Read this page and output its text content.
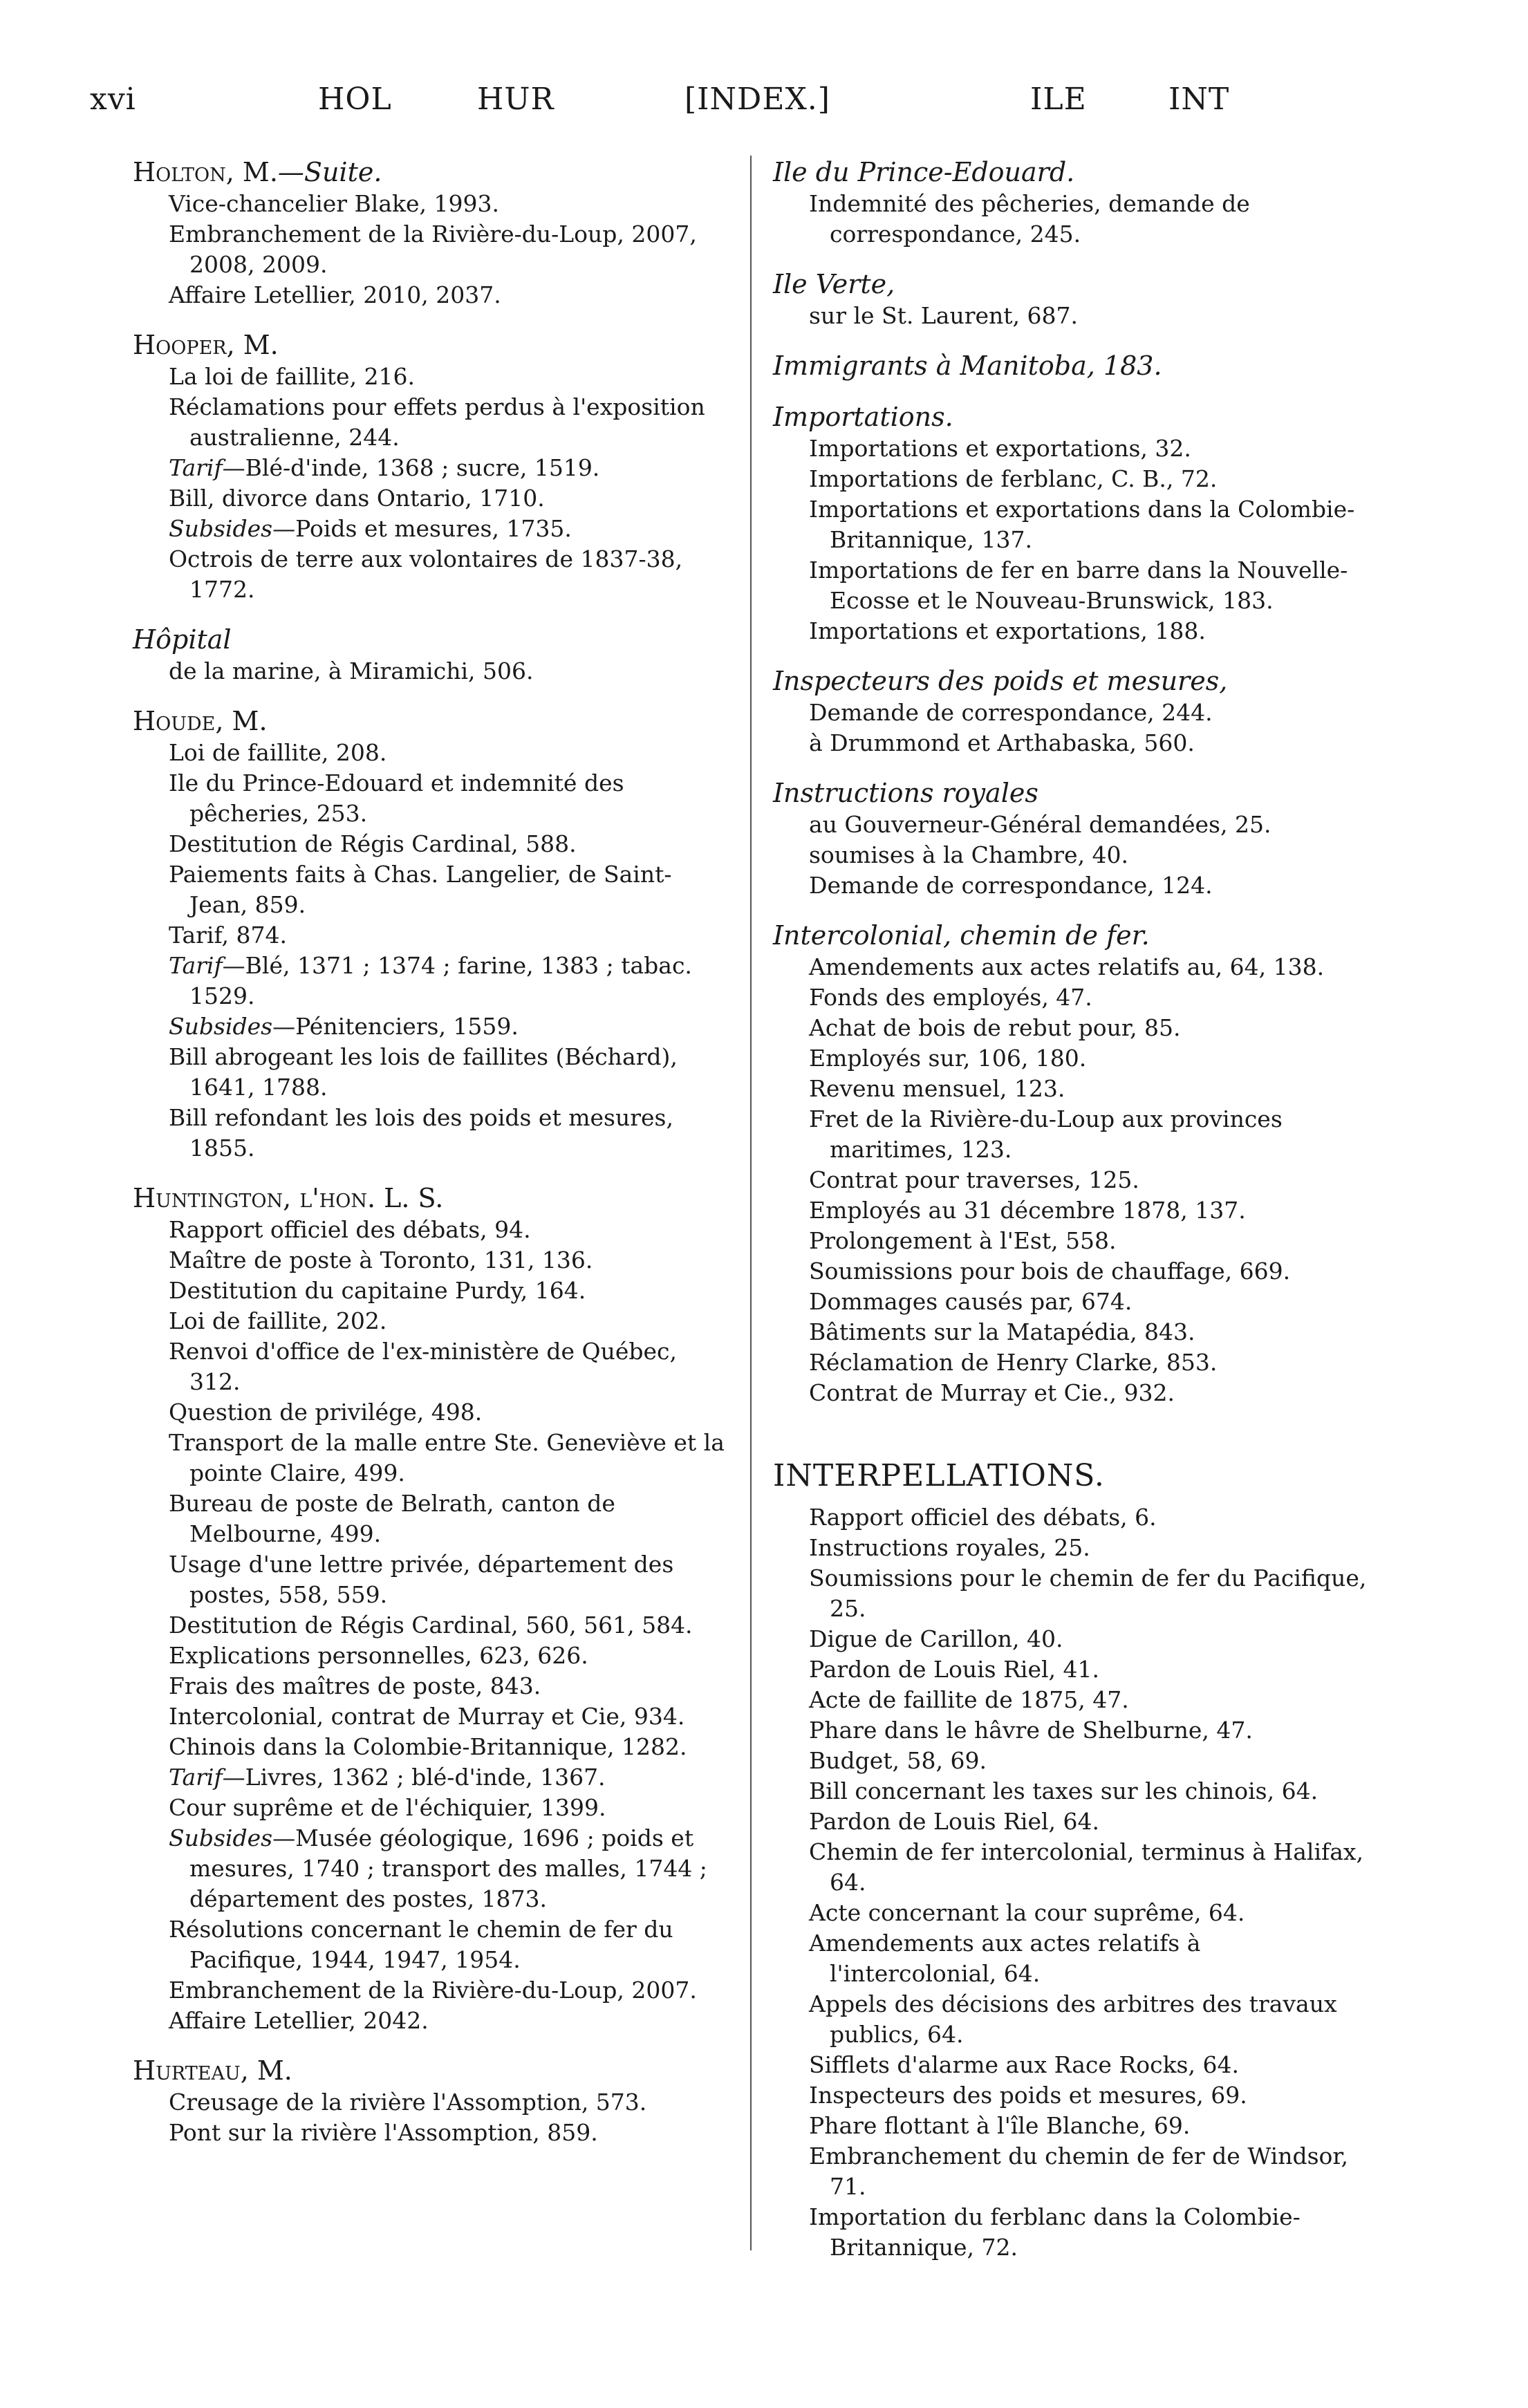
xvi	HOL	HUR	[INDEX.]	ILE	INT
Holton, M.—Suite.
Vice-chancelier Blake, 1993.
Embranchement de la Rivière-du-Loup, 2007, 2008, 2009.
Affaire Letellier, 2010, 2037.
Hooper, M.
La loi de faillite, 216.
Réclamations pour effets perdus à l'exposition australienne, 244.
Tarif—Blé-d'inde, 1368 ; sucre, 1519.
Bill, divorce dans Ontario, 1710.
Subsides—Poids et mesures, 1735.
Octrois de terre aux volontaires de 1837-38, 1772.
Hôpital
de la marine, à Miramichi, 506.
Houde, M.
Loi de faillite, 208.
Ile du Prince-Edouard et indemnité des pêcheries, 253.
Destitution de Régis Cardinal, 588.
Paiements faits à Chas. Langelier, de Saint-Jean, 859.
Tarif, 874.
Tarif—Blé, 1371 ; 1374 ; farine, 1383 ; tabac. 1529.
Subsides—Pénitenciers, 1559.
Bill abrogeant les lois de faillites (Béchard), 1641, 1788.
Bill refondant les lois des poids et mesures, 1855.
Huntington, l'hon. L. S.
Rapport officiel des débats, 94.
Maître de poste à Toronto, 131, 136.
Destitution du capitaine Purdy, 164.
Loi de faillite, 202.
Renvoi d'office de l'ex-ministère de Québec, 312.
Question de privilége, 498.
Transport de la malle entre Ste. Geneviève et la pointe Claire, 499.
Bureau de poste de Belrath, canton de Melbourne, 499.
Usage d'une lettre privée, département des postes, 558, 559.
Destitution de Régis Cardinal, 560, 561, 584.
Explications personnelles, 623, 626.
Frais des maîtres de poste, 843.
Intercolonial, contrat de Murray et Cie, 934.
Chinois dans la Colombie-Britannique, 1282.
Tarif—Livres, 1362 ; blé-d'inde, 1367.
Cour suprême et de l'échiquier, 1399.
Subsides—Musée géologique, 1696 ; poids et mesures, 1740 ; transport des malles, 1744 ; département des postes, 1873.
Résolutions concernant le chemin de fer du Pacifique, 1944, 1947, 1954.
Embranchement de la Rivière-du-Loup, 2007.
Affaire Letellier, 2042.
Hurteau, M.
Creusage de la rivière l'Assomption, 573.
Pont sur la rivière l'Assomption, 859.
Ile du Prince-Edouard.
Indemnité des pêcheries, demande de correspondance, 245.
Ile Verte,
sur le St. Laurent, 687.
Immigrants à Manitoba, 183.
Importations.
Importations et exportations, 32.
Importations de ferblanc, C. B., 72.
Importations et exportations dans la Colombie-Britannique, 137.
Importations de fer en barre dans la Nouvelle-Ecosse et le Nouveau-Brunswick, 183.
Importations et exportations, 188.
Inspecteurs des poids et mesures,
Demande de correspondance, 244.
à Drummond et Arthabaska, 560.
Instructions royales
au Gouverneur-Général demandées, 25.
soumises à la Chambre, 40.
Demande de correspondance, 124.
Intercolonial, chemin de fer.
Amendements aux actes relatifs au, 64, 138.
Fonds des employés, 47.
Achat de bois de rebut pour, 85.
Employés sur, 106, 180.
Revenu mensuel, 123.
Fret de la Rivière-du-Loup aux provinces maritimes, 123.
Contrat pour traverses, 125.
Employés au 31 décembre 1878, 137.
Prolongement à l'Est, 558.
Soumissions pour bois de chauffage, 669.
Dommages causés par, 674.
Bâtiments sur la Matapédia, 843.
Réclamation de Henry Clarke, 853.
Contrat de Murray et Cie., 932.
INTERPELLATIONS.
Rapport officiel des débats, 6.
Instructions royales, 25.
Soumissions pour le chemin de fer du Pacifique, 25.
Digue de Carillon, 40.
Pardon de Louis Riel, 41.
Acte de faillite de 1875, 47.
Phare dans le hâvre de Shelburne, 47.
Budget, 58, 69.
Bill concernant les taxes sur les chinois, 64.
Pardon de Louis Riel, 64.
Chemin de fer intercolonial, terminus à Halifax, 64.
Acte concernant la cour suprême, 64.
Amendements aux actes relatifs à l'intercolonial, 64.
Appels des décisions des arbitres des travaux publics, 64.
Sifflets d'alarme aux Race Rocks, 64.
Inspecteurs des poids et mesures, 69.
Phare flottant à l'île Blanche, 69.
Embranchement du chemin de fer de Windsor, 71.
Importation du ferblanc dans la Colombie-Britannique, 72.
